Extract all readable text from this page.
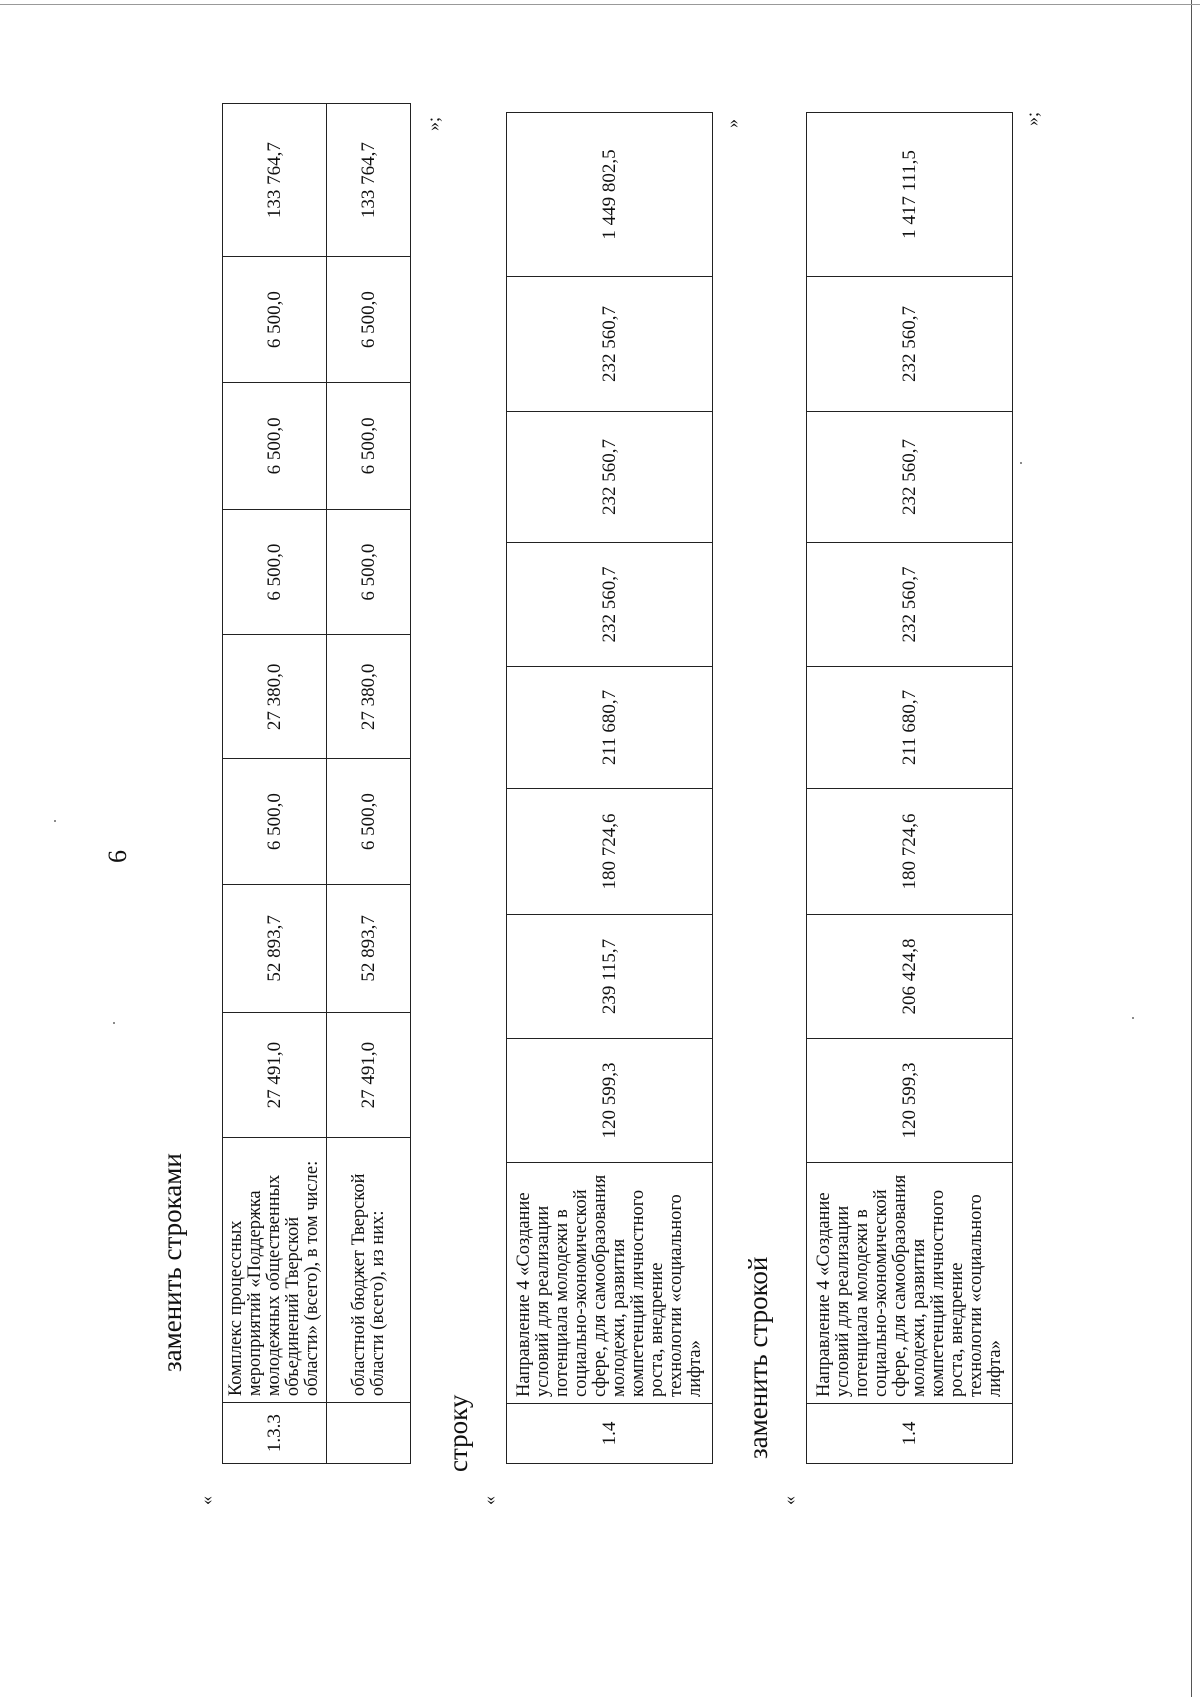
6
заменить строками
«
1.3.3	Комплекс процессных мероприятий «Поддержка молодежных общественных объединений Тверской области» (всего), в том числе:	27 491,0	52 893,7	6 500,0	27 380,0	6 500,0	6 500,0	6 500,0	133 764,7
	областной бюджет Тверской области (всего), из них:	27 491,0	52 893,7	6 500,0	27 380,0	6 500,0	6 500,0	6 500,0	133 764,7
»;
строку
«
1.4	Направление 4 «Создание условий для реализации потенциала молодежи в социально-экономической сфере, для самообразования молодежи, развития компетенций личностного роста, внедрение технологии «социального лифта»	120 599,3	239 115,7	180 724,6	211 680,7	232 560,7	232 560,7	232 560,7	1 449 802,5
»
заменить строкой
«
1.4	Направление 4 «Создание условий для реализации потенциала молодежи в социально-экономической сфере, для самообразования молодежи, развития компетенций личностного роста, внедрение технологии «социального лифта»	120 599,3	206 424,8	180 724,6	211 680,7	232 560,7	232 560,7	232 560,7	1 417 111,5
»;
